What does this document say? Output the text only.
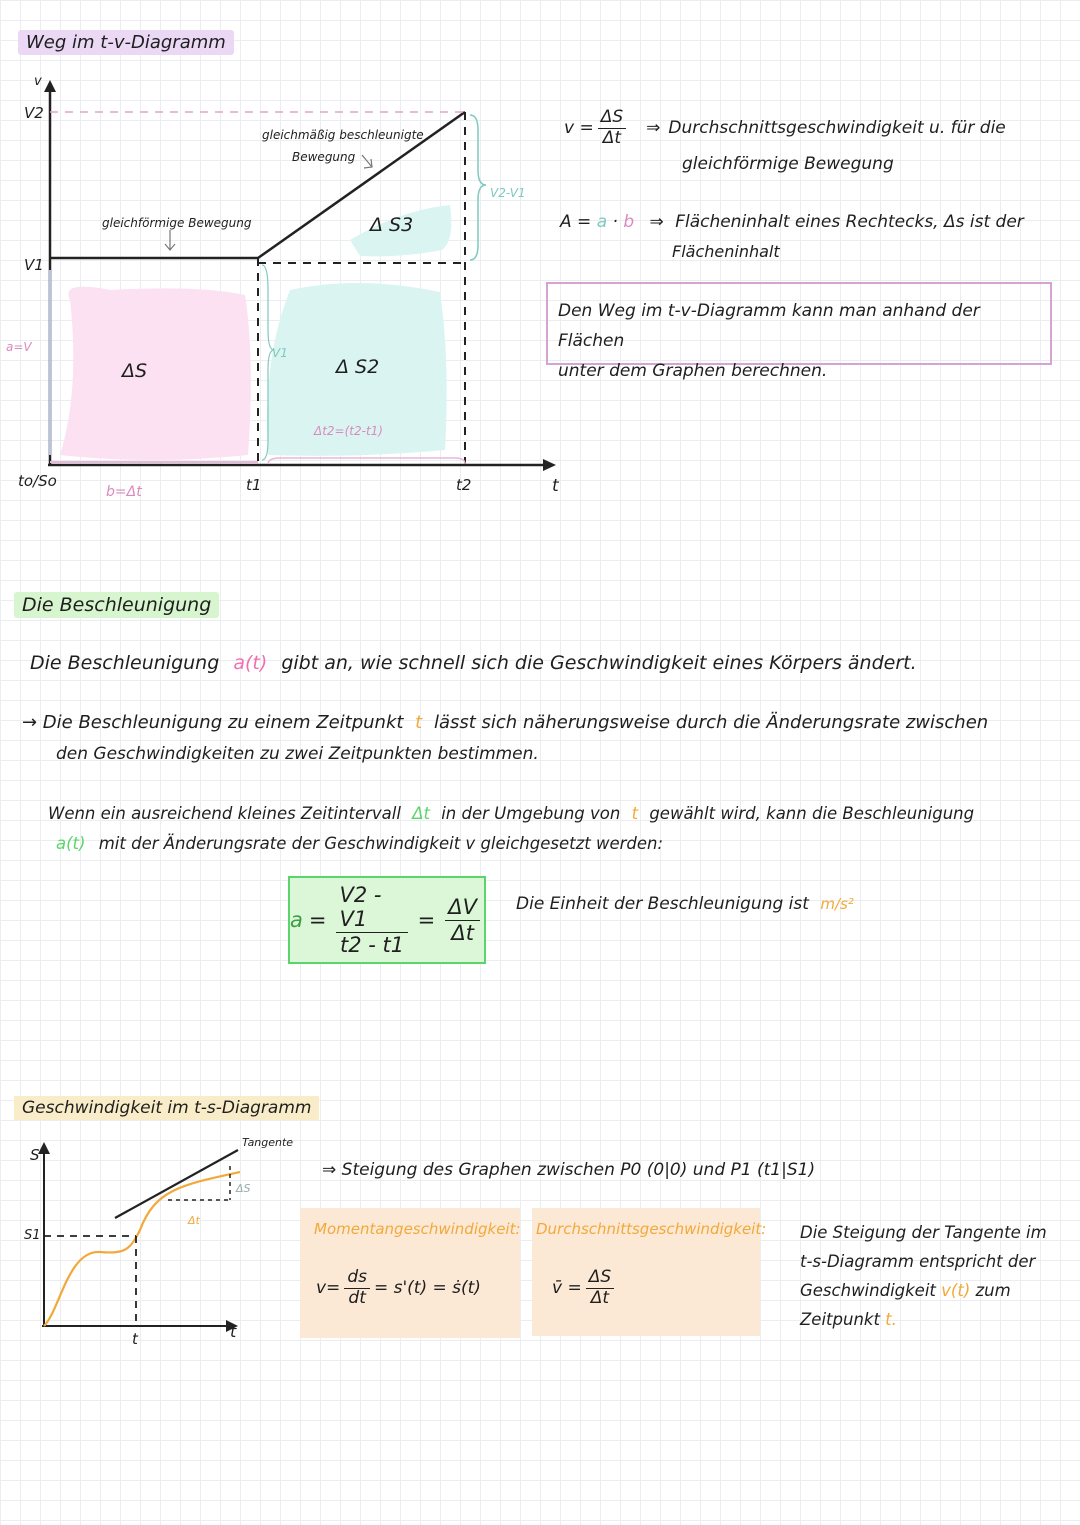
Weg im t-v-Diagramm
v
V2
V1
a=V
to/So
b=Δt	t1	t2	t
gleichförmige Bewegung
gleichmäßig beschleunigte
Bewegung
ΔS	Δ S2
Δ S3
V2-V1
V1
Δt2=(t2-t1)
$v = \frac{\Delta S}{\Delta t}$ ⇒ Durchschnittsgeschwindigkeit u. für die
gleichförmige Bewegung
A = a · b ⇒ Flächeninhalt eines Rechtecks, Δs ist der
Flächeninhalt
Den Weg im t-v-Diagramm kann man anhand der Flächen
unter dem Graphen berechnen.
Die Beschleunigung
Die Beschleunigung a(t) gibt an, wie schnell sich die Geschwindigkeit eines Körpers ändert.
→ Die Beschleunigung zu einem Zeitpunkt t lässt sich näherungsweise durch die Änderungsrate zwischen
den Geschwindigkeiten zu zwei Zeitpunkten bestimmen.
Wenn ein ausreichend kleines Zeitintervall Δt in der Umgebung von t gewählt wird, kann die Beschleunigung
a(t) mit der Änderungsrate der Geschwindigkeit v gleichgesetzt werden:
$a = \frac{V2 - V1}{t2 - t1} = \frac{\Delta V}{\Delta t}$ Die Einheit der Beschleunigung ist m/s²
Geschwindigkeit im t-s-Diagramm
S
S1
t	t
Tangente
ΔS
Δt
⇒ Steigung des Graphen zwischen P0 (0|0) und P1 (t1|S1)
Momentangeschwindigkeit:
$v= \frac{ds}{dt} = s'(t)$ = ṡ(t)
Durchschnittsgeschwindigkeit:
v̄ = $\frac{\Delta S}{\Delta t}$
Die Steigung der Tangente im
t-s-Diagramm entspricht der
Geschwindigkeit v(t) zum
Zeitpunkt t.
